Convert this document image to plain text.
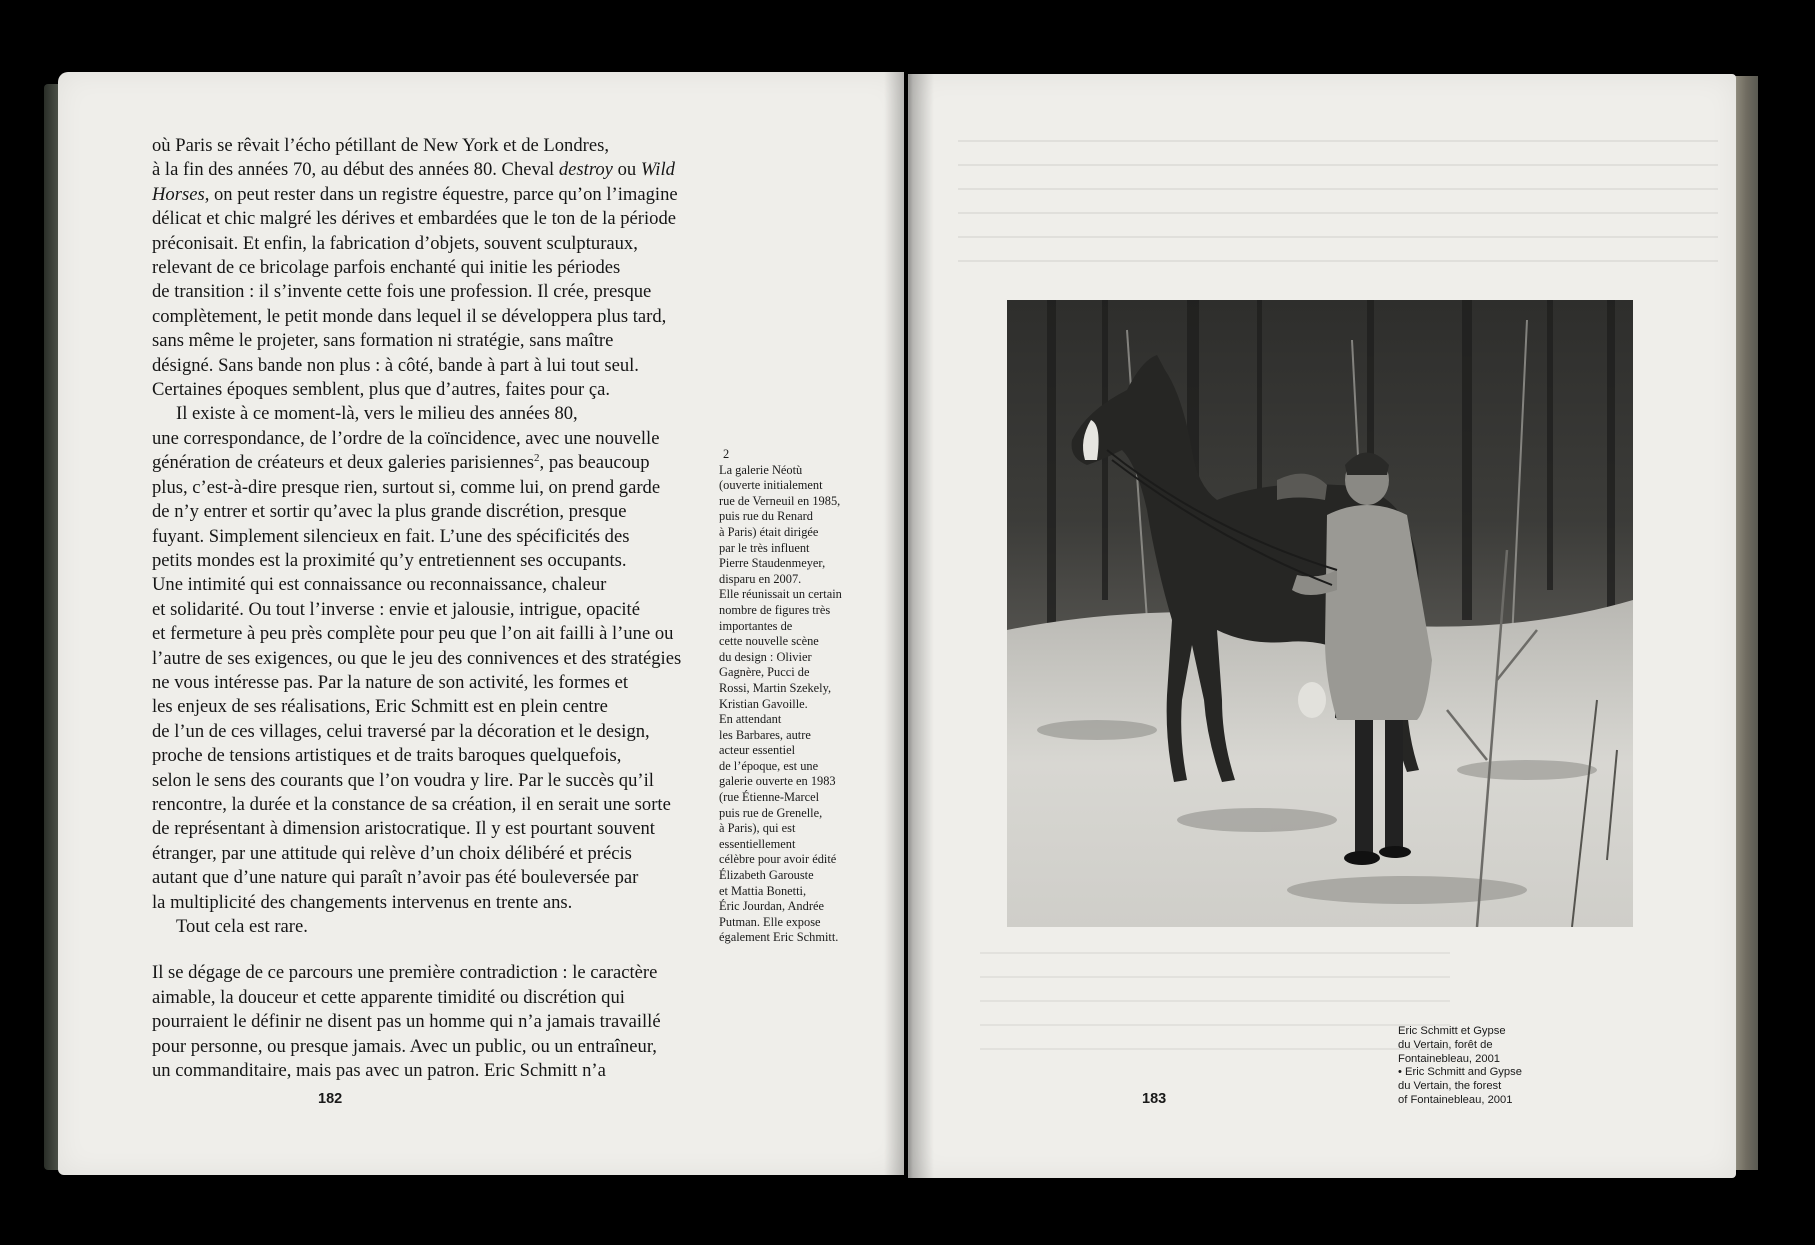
où Paris se rêvait l’écho pétillant de New York et de Londres,
à la fin des années 70, au début des années 80. Cheval destroy ou Wild
Horses, on peut rester dans un registre équestre, parce qu’on l’imagine
délicat et chic malgré les dérives et embardées que le ton de la période
préconisait. Et enfin, la fabrication d’objets, souvent sculpturaux,
relevant de ce bricolage parfois enchanté qui initie les périodes
de transition : il s’invente cette fois une profession. Il crée, presque
complètement, le petit monde dans lequel il se développera plus tard,
sans même le projeter, sans formation ni stratégie, sans maître
désigné. Sans bande non plus : à côté, bande à part à lui tout seul.
Certaines époques semblent, plus que d’autres, faites pour ça.
Il existe à ce moment-là, vers le milieu des années 80,
une correspondance, de l’ordre de la coïncidence, avec une nouvelle
génération de créateurs et deux galeries parisiennes$^2$, pas beaucoup
plus, c’est-à-dire presque rien, surtout si, comme lui, on prend garde
de n’y entrer et sortir qu’avec la plus grande discrétion, presque
fuyant. Simplement silencieux en fait. L’une des spécificités des
petits mondes est la proximité qu’y entretiennent ses occupants.
Une intimité qui est connaissance ou reconnaissance, chaleur
et solidarité. Ou tout l’inverse : envie et jalousie, intrigue, opacité
et fermeture à peu près complète pour peu que l’on ait failli à l’une ou
l’autre de ses exigences, ou que le jeu des connivences et des stratégies
ne vous intéresse pas. Par la nature de son activité, les formes et
les enjeux de ses réalisations, Eric Schmitt est en plein centre
de l’un de ces villages, celui traversé par la décoration et le design,
proche de tensions artistiques et de traits baroques quelquefois,
selon le sens des courants que l’on voudra y lire. Par le succès qu’il
rencontre, la durée et la constance de sa création, il en serait une sorte
de représentant à dimension aristocratique. Il y est pourtant souvent
étranger, par une attitude qui relève d’un choix délibéré et précis
autant que d’une nature qui paraît n’avoir pas été bouleversée par
la multiplicité des changements intervenus en trente ans.
Tout cela est rare.
Il se dégage de ce parcours une première contradiction : le caractère
aimable, la douceur et cette apparente timidité ou discrétion qui
pourraient le définir ne disent pas un homme qui n’a jamais travaillé
pour personne, ou presque jamais. Avec un public, ou un entraîneur,
un commanditaire, mais pas avec un patron. Eric Schmitt n’a
2
La galerie Néotù
(ouverte initialement
rue de Verneuil en 1985,
puis rue du Renard
à Paris) était dirigée
par le très influent
Pierre Staudenmeyer,
disparu en 2007.
Elle réunissait un certain
nombre de figures très
importantes de
cette nouvelle scène
du design : Olivier
Gagnère, Pucci de
Rossi, Martin Szekely,
Kristian Gavoille.
En attendant
les Barbares, autre
acteur essentiel
de l’époque, est une
galerie ouverte en 1983
(rue Étienne-Marcel
puis rue de Grenelle,
à Paris), qui est
essentiellement
célèbre pour avoir édité
Élizabeth Garouste
et Mattia Bonetti,
Éric Jourdan, Andrée
Putman. Elle expose
également Eric Schmitt.
182	183
Eric Schmitt et Gypse
du Vertain, forêt de
Fontainebleau, 2001
• Eric Schmitt and Gypse
du Vertain, the forest
of Fontainebleau, 2001
